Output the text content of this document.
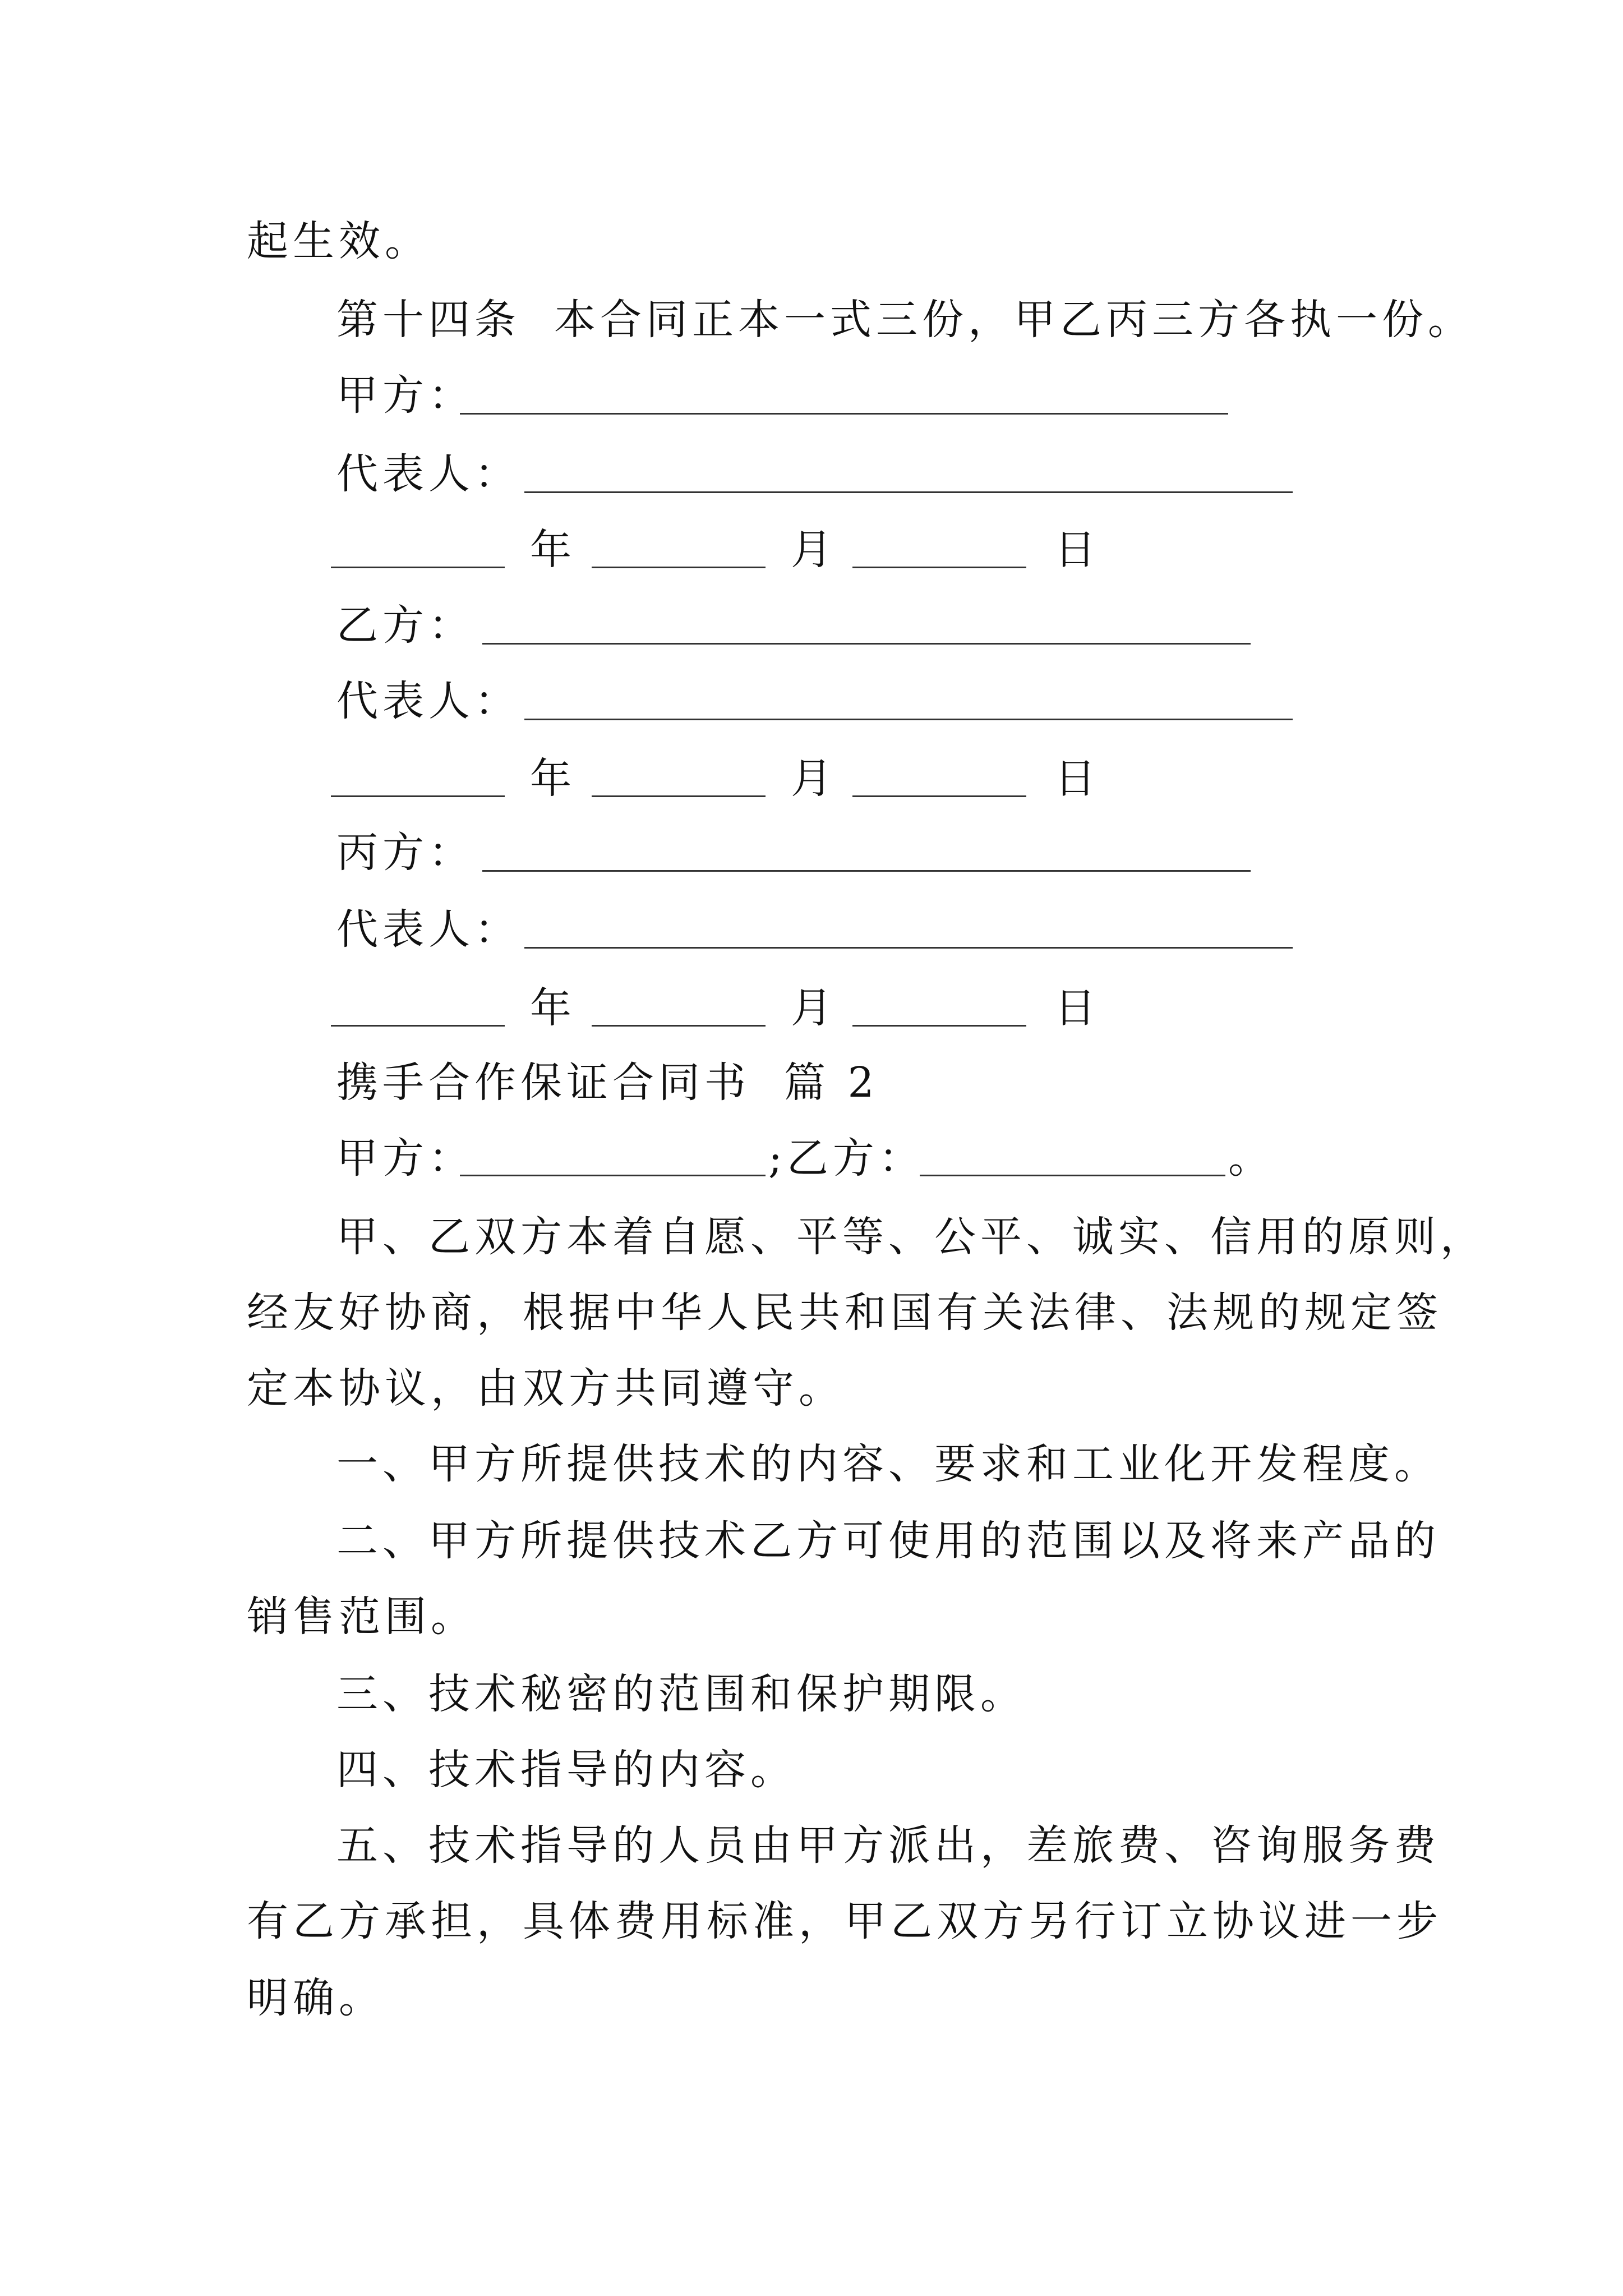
起生效。
第十四条 本合同正本一式三份，甲乙丙三方各执一份。
甲方：
代表人：
年	月	日
乙方：
代表人：
年	月	日
丙方：
代表人：
年	月	日
携手合作保证合同书 篇 2
甲方：	;乙方：	。
甲、乙双方本着自愿、平等、公平、诚实、信用的原则，
经友好协商，根据中华人民共和国有关法律、法规的规定签
定本协议，由双方共同遵守。
一、甲方所提供技术的内容、要求和工业化开发程度。
二、甲方所提供技术乙方可使用的范围以及将来产品的
销售范围。
三、技术秘密的范围和保护期限。
四、技术指导的内容。
五、技术指导的人员由甲方派出，差旅费、咨询服务费
有乙方承担，具体费用标准，甲乙双方另行订立协议进一步
明确。
